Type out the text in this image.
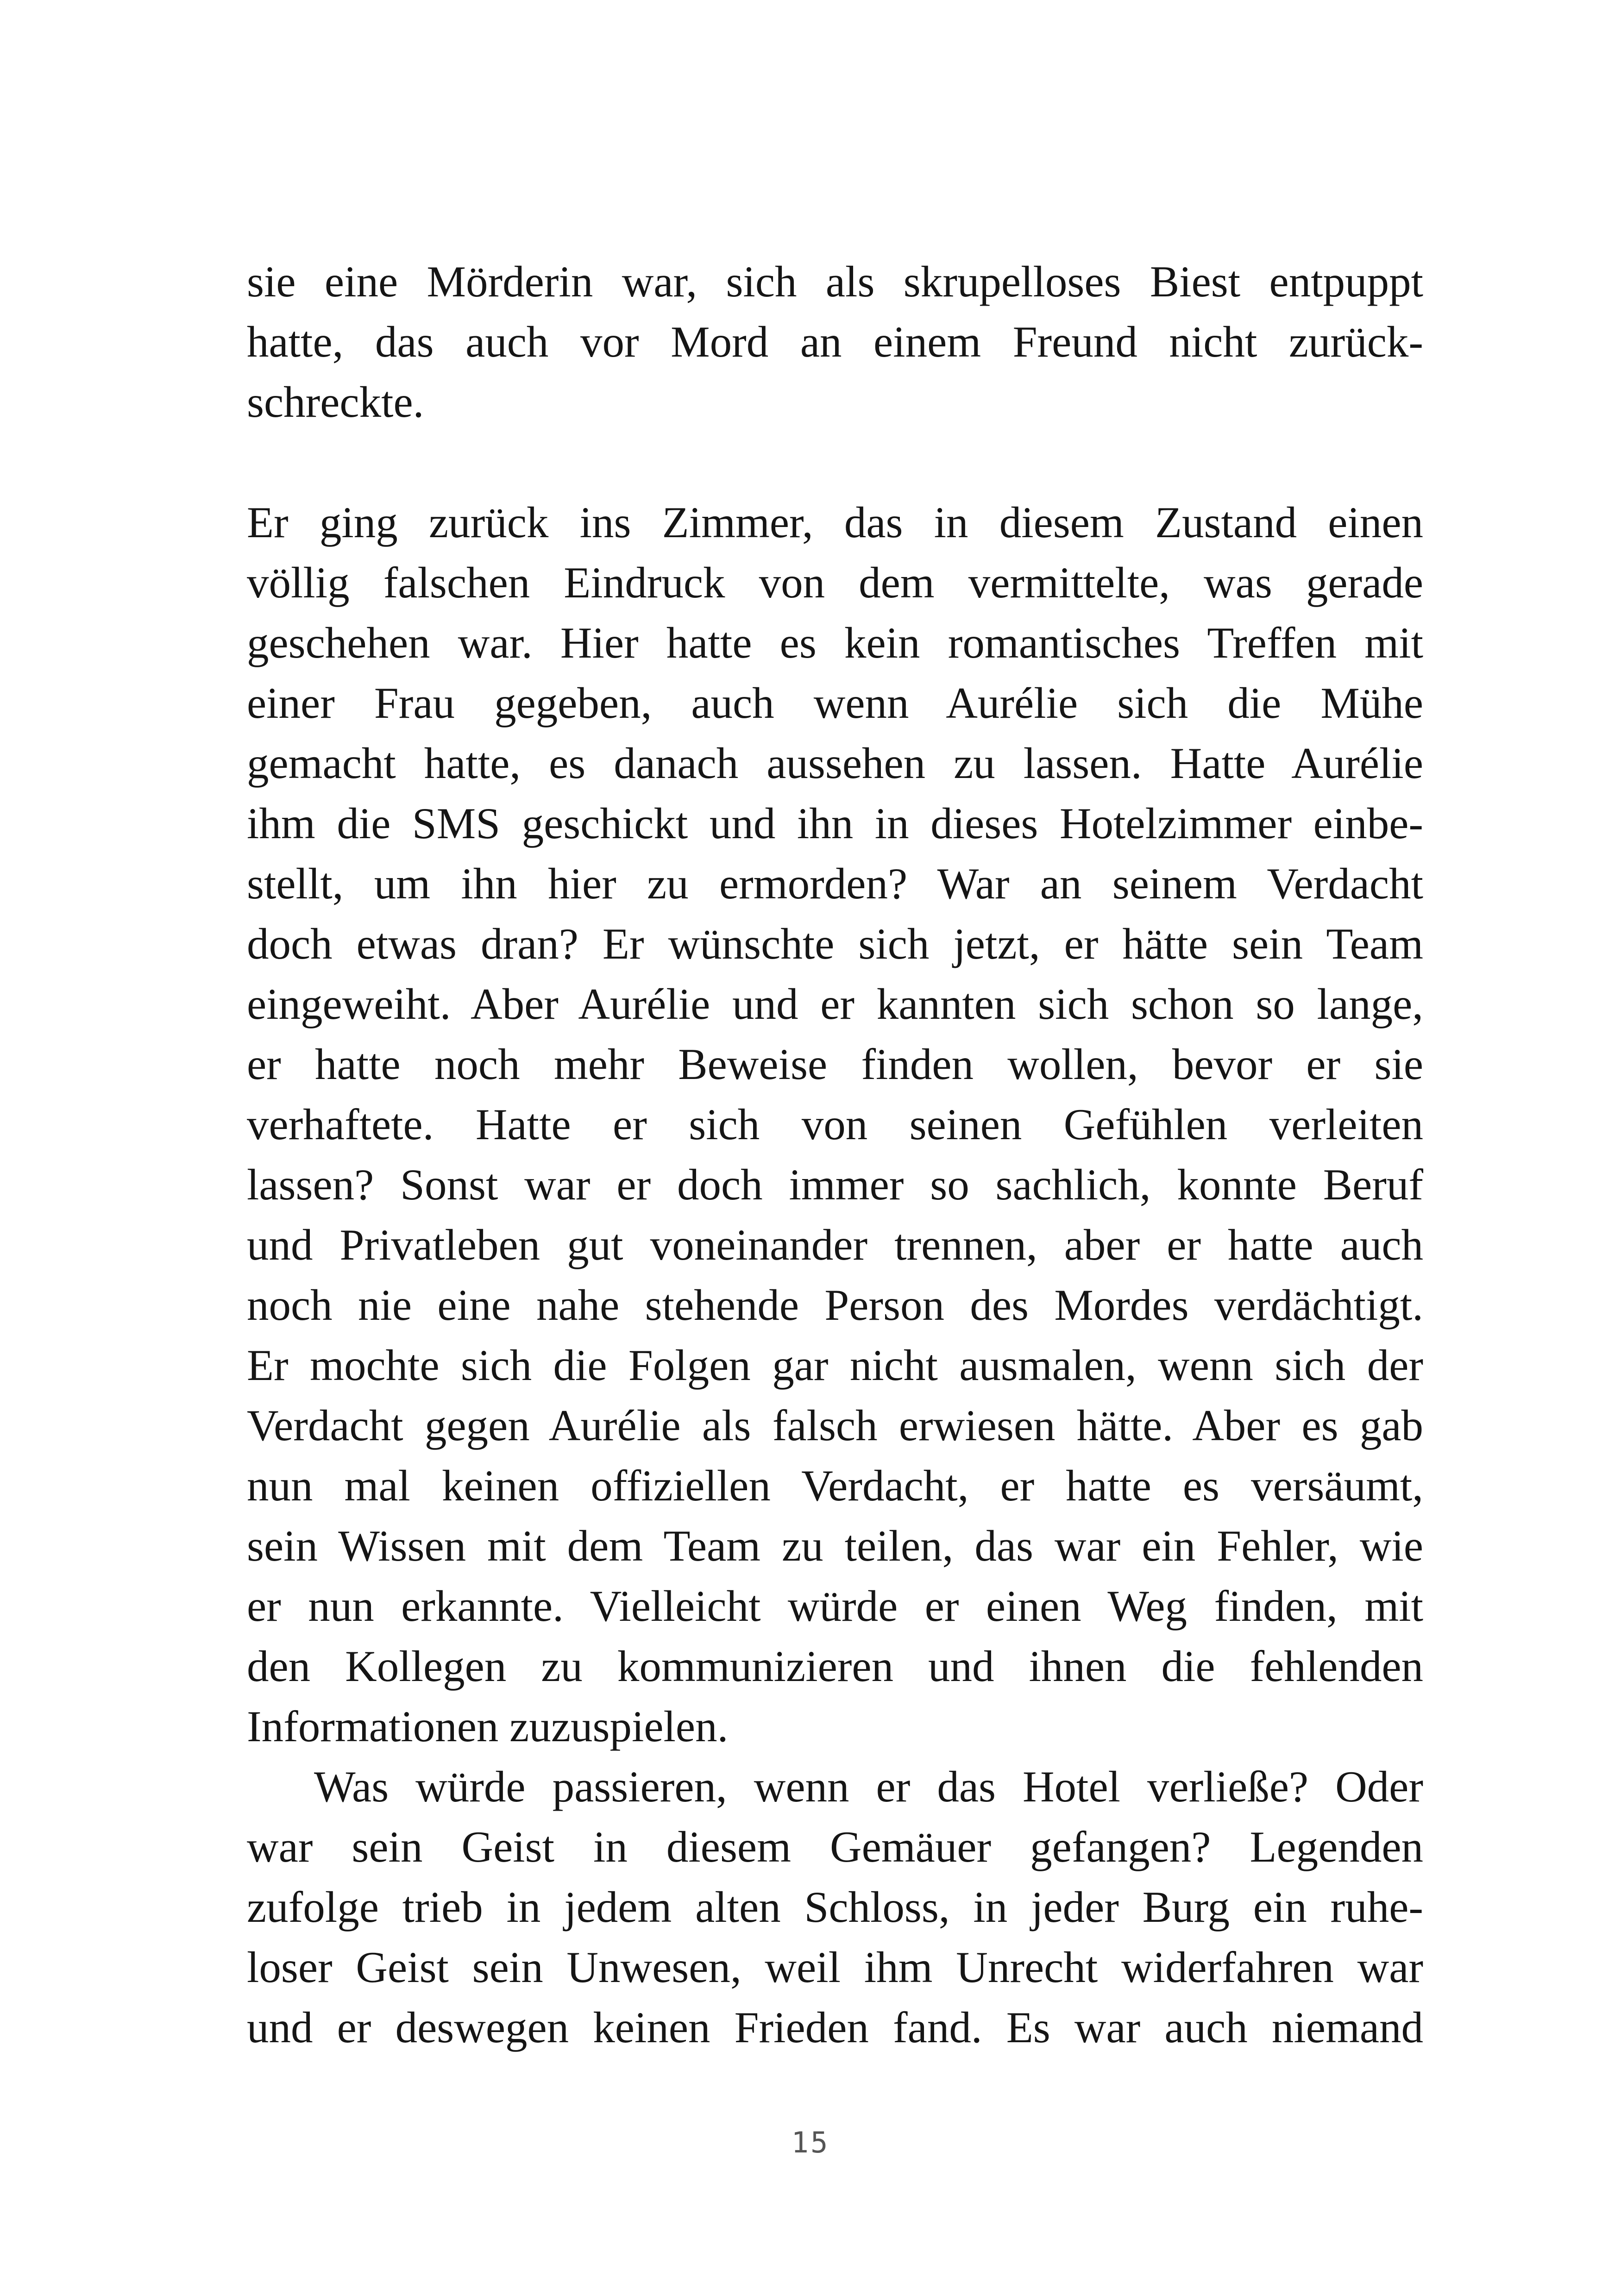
sie eine Mörderin war, sich als skrupelloses Biest entpuppt
hatte, das auch vor Mord an einem Freund nicht zurück-
schreckte.

Er ging zurück ins Zimmer, das in diesem Zustand einen
völlig falschen Eindruck von dem vermittelte, was gerade
geschehen war. Hier hatte es kein romantisches Treffen mit
einer Frau gegeben, auch wenn Aurélie sich die Mühe
gemacht hatte, es danach aussehen zu lassen. Hatte Aurélie
ihm die SMS geschickt und ihn in dieses Hotelzimmer einbe-
stellt, um ihn hier zu ermorden? War an seinem Verdacht
doch etwas dran? Er wünschte sich jetzt, er hätte sein Team
eingeweiht. Aber Aurélie und er kannten sich schon so lange,
er hatte noch mehr Beweise finden wollen, bevor er sie
verhaftete. Hatte er sich von seinen Gefühlen verleiten
lassen? Sonst war er doch immer so sachlich, konnte Beruf
und Privatleben gut voneinander trennen, aber er hatte auch
noch nie eine nahe stehende Person des Mordes verdächtigt.
Er mochte sich die Folgen gar nicht ausmalen, wenn sich der
Verdacht gegen Aurélie als falsch erwiesen hätte. Aber es gab
nun mal keinen offiziellen Verdacht, er hatte es versäumt,
sein Wissen mit dem Team zu teilen, das war ein Fehler, wie
er nun erkannte. Vielleicht würde er einen Weg finden, mit
den Kollegen zu kommunizieren und ihnen die fehlenden
Informationen zuzuspielen.

Was würde passieren, wenn er das Hotel verließe? Oder
war sein Geist in diesem Gemäuer gefangen? Legenden
zufolge trieb in jedem alten Schloss, in jeder Burg ein ruhe-
loser Geist sein Unwesen, weil ihm Unrecht widerfahren war
und er deswegen keinen Frieden fand. Es war auch niemand

15
